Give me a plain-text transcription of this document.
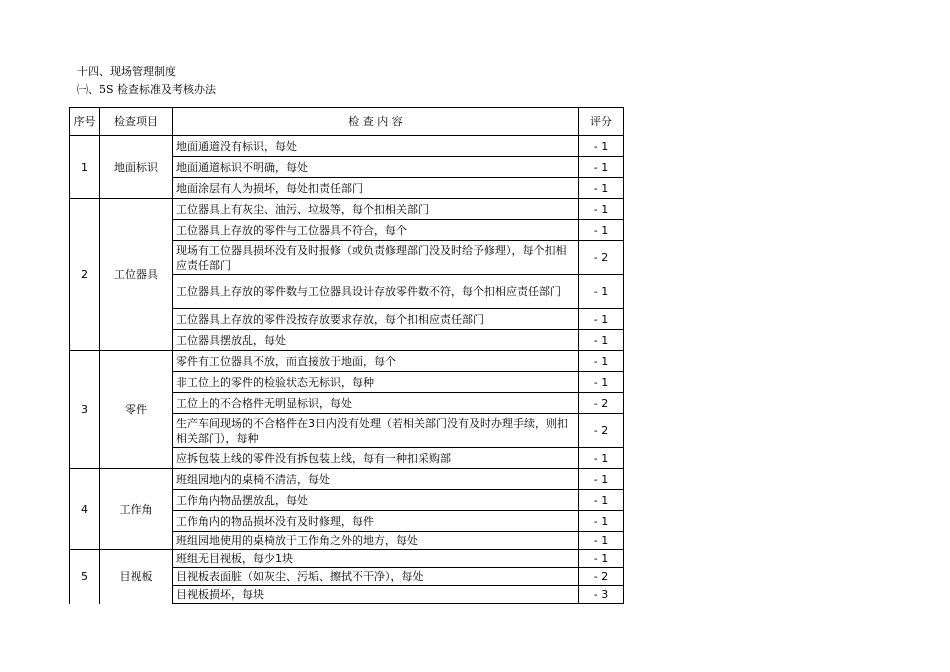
十四、现场管理制度
㈠、5S 检查标准及考核办法
序号	检查项目	检 查 内 容	评分
1	地面标识	地面通道没有标识，每处	- 1
		地面通道标识不明确，每处	- 1
		地面涂层有人为损坏，每处扣责任部门	- 1
2	工位器具	工位器具上有灰尘、油污、垃圾等，每个扣相关部门	- 1
		工位器具上存放的零件与工位器具不符合，每个	- 1
		现场有工位器具损坏没有及时报修（或负责修理部门没及时给予修理），每个扣相应责任部门	- 2
		工位器具上存放的零件数与工位器具设计存放零件数不符，每个扣相应责任部门	- 1
		工位器具上存放的零件没按存放要求存放，每个扣相应责任部门	- 1
		工位器具摆放乱，每处	- 1
3	零件	零件有工位器具不放，而直接放于地面，每个	- 1
		非工位上的零件的检验状态无标识，每种	- 1
		工位上的不合格件无明显标识，每处	- 2
		生产车间现场的不合格件在3日内没有处理（若相关部门没有及时办理手续，则扣相关部门），每种	- 2
		应拆包装上线的零件没有拆包装上线，每有一种扣采购部	- 1
4	工作角	班组园地内的桌椅不清洁，每处	- 1
		工作角内物品摆放乱，每处	- 1
		工作角内的物品损坏没有及时修理，每件	- 1
		班组园地使用的桌椅放于工作角之外的地方，每处	- 1
5	目视板	班组无目视板，每少1块	- 1
		目视板表面脏（如灰尘、污垢、擦拭不干净），每处	- 2
		目视板损坏，每块	- 3
